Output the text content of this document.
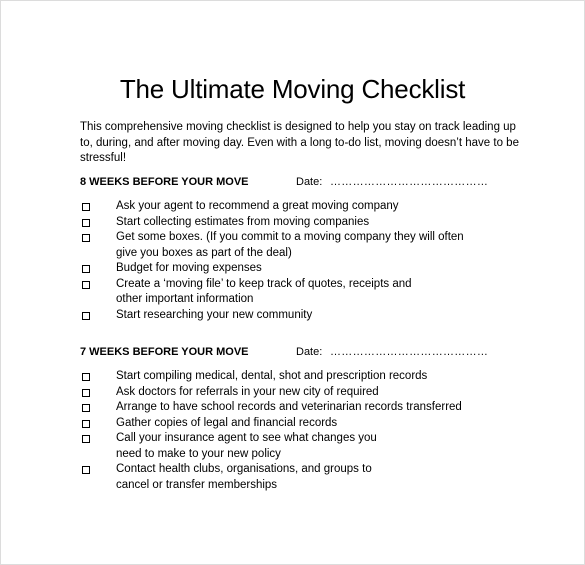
The Ultimate Moving Checklist
This comprehensive moving checklist is designed to help you stay on track leading up to, during, and after moving day. Even with a long to-do list, moving doesn’t have to be stressful!
8 WEEKS BEFORE YOUR MOVE	Date: ……………………………………
Ask your agent to recommend a great moving company
Start collecting estimates from moving companies
Get some boxes. (If you commit to a moving company they will often
give you boxes as part of the deal)
Budget for moving expenses
Create a ‘moving file’ to keep track of quotes, receipts and
other important information
Start researching your new community
7 WEEKS BEFORE YOUR MOVE	Date: ……………………………………
Start compiling medical, dental, shot and prescription records
Ask doctors for referrals in your new city of required
Arrange to have school records and veterinarian records transferred
Gather copies of legal and financial records
Call your insurance agent to see what changes you
need to make to your new policy
Contact health clubs, organisations, and groups to
cancel or transfer memberships
